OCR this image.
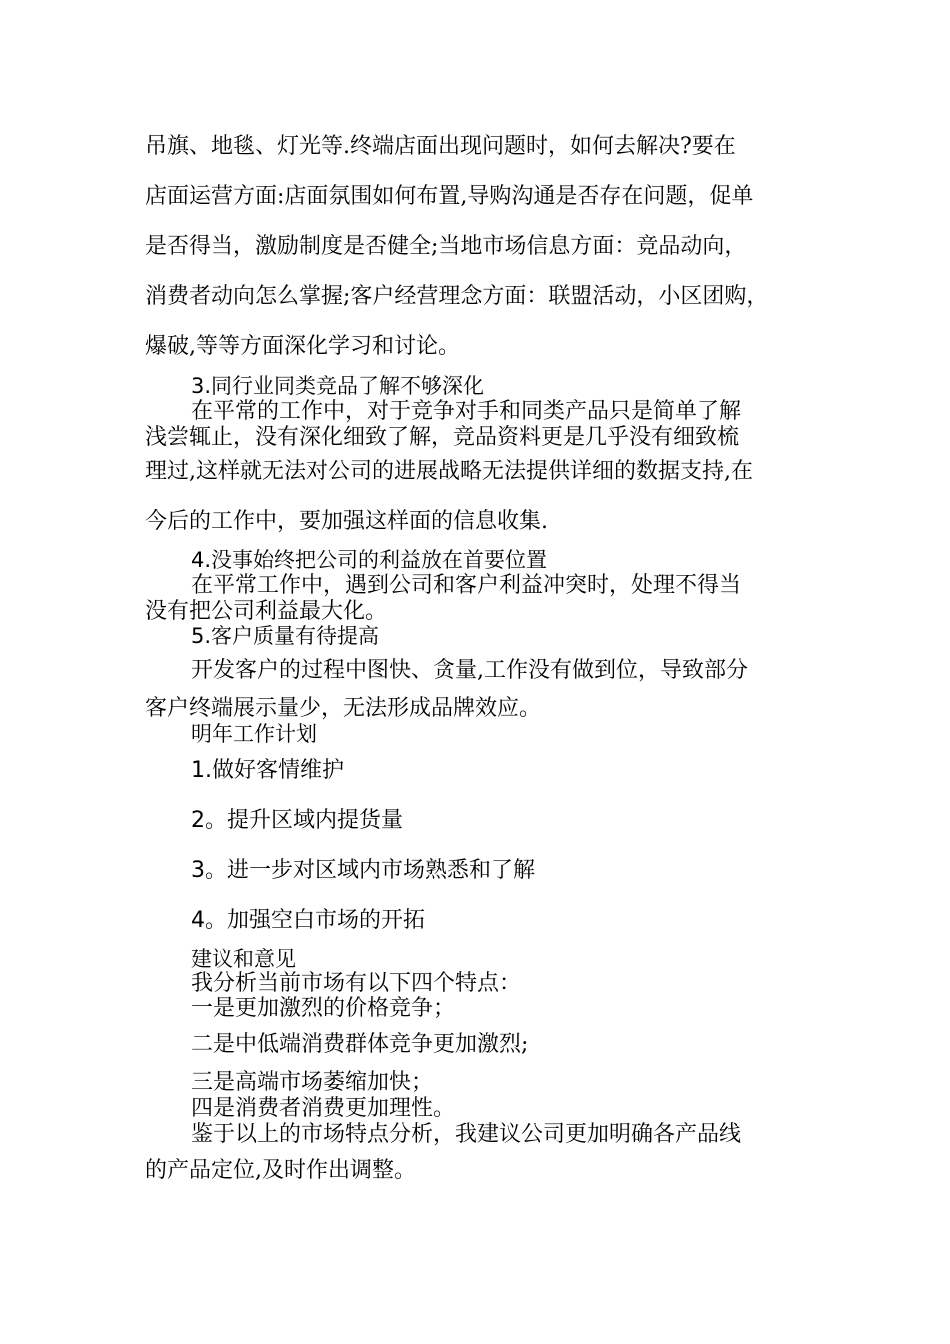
吊旗、地毯、灯光等.终端店面出现问题时，如何去解决?要在

店面运营方面:店面氛围如何布置,导购沟通是否存在问题，促单

是否得当，激励制度是否健全;当地市场信息方面：竞品动向，

消费者动向怎么掌握;客户经营理念方面：联盟活动，小区团购，

爆破,等等方面深化学习和讨论。

3.同行业同类竞品了解不够深化

在平常的工作中，对于竞争对手和同类产品只是简单了解

浅尝辄止，没有深化细致了解，竞品资料更是几乎没有细致梳

理过,这样就无法对公司的进展战略无法提供详细的数据支持,在

今后的工作中，要加强这样面的信息收集.

4.没事始终把公司的利益放在首要位置

在平常工作中，遇到公司和客户利益冲突时，处理不得当

没有把公司利益最大化。

5.客户质量有待提高

开发客户的过程中图快、贪量,工作没有做到位，导致部分

客户终端展示量少，无法形成品牌效应。

明年工作计划

1.做好客情维护

2。提升区域内提货量

3。进一步对区域内市场熟悉和了解

4。加强空白市场的开拓

建议和意见

我分析当前市场有以下四个特点：

一是更加激烈的价格竞争；

二是中低端消费群体竞争更加激烈;

三是高端市场萎缩加快；

四是消费者消费更加理性。

鉴于以上的市场特点分析，我建议公司更加明确各产品线

的产品定位,及时作出调整。
